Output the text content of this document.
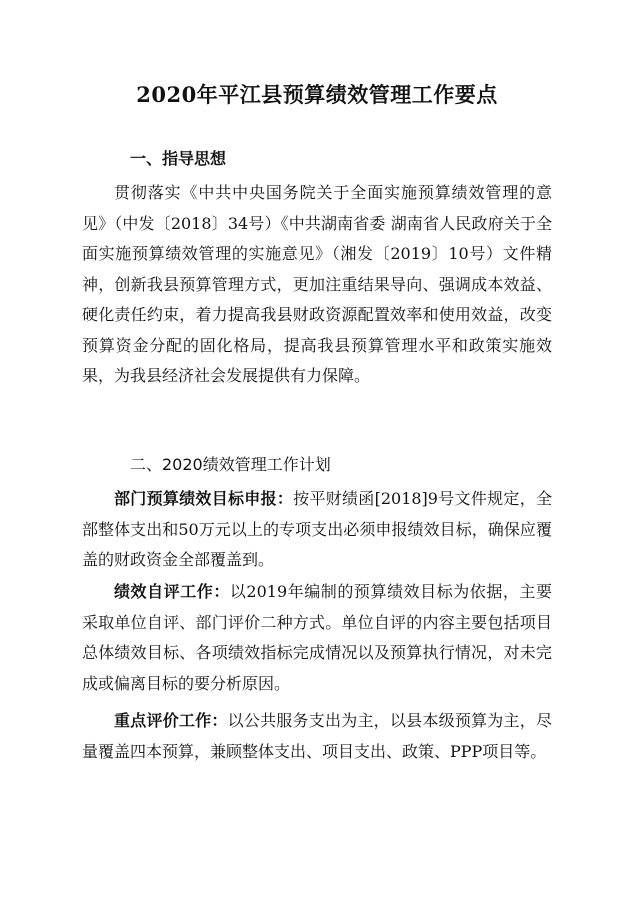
2020年平江县预算绩效管理工作要点
一、指导思想

贯彻落实《中共中央国务院关于全面实施预算绩效管理的意见》（中发〔2018〕34号）《中共湖南省委 湖南省人民政府关于全面实施预算绩效管理的实施意见》（湘发〔2019〕10号）文件精神，创新我县预算管理方式，更加注重结果导向、强调成本效益、硬化责任约束，着力提高我县财政资源配置效率和使用效益，改变预算资金分配的固化格局，提高我县预算管理水平和政策实施效果，为我县经济社会发展提供有力保障。

二、2020绩效管理工作计划

部门预算绩效目标申报：按平财绩函[2018]9号文件规定，全部整体支出和50万元以上的专项支出必须申报绩效目标，确保应覆盖的财政资金全部覆盖到。

绩效自评工作：以2019年编制的预算绩效目标为依据，主要采取单位自评、部门评价二种方式。单位自评的内容主要包括项目总体绩效目标、各项绩效指标完成情况以及预算执行情况，对未完成或偏离目标的要分析原因。

重点评价工作：以公共服务支出为主，以县本级预算为主，尽量覆盖四本预算，兼顾整体支出、项目支出、政策、PPP项目等。
